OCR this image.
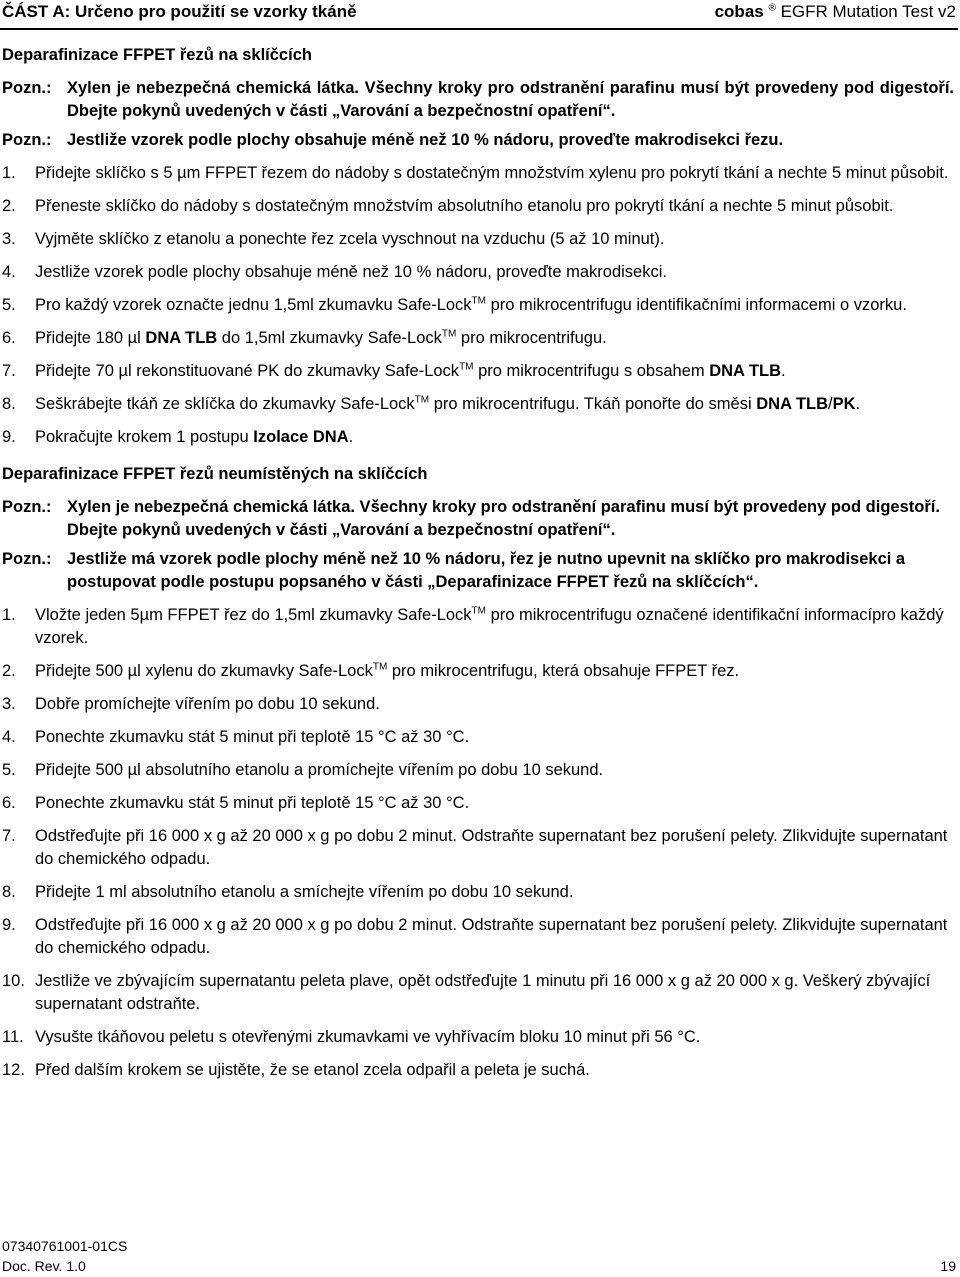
ČÁST A: Určeno pro použití se vzorky tkáně	cobas ® EGFR Mutation Test v2
Deparafinizace FFPET řezů na sklíčcích
Pozn.: Xylen je nebezpečná chemická látka. Všechny kroky pro odstranění parafinu musí být provedeny pod digestoří. Dbejte pokynů uvedených v části „Varování a bezpečnostní opatření“.
Pozn.: Jestliže vzorek podle plochy obsahuje méně než 10 % nádoru, proveďte makrodisekci řezu.
1. Přidejte sklíčko s 5 µm FFPET řezem do nádoby s dostatečným množstvím xylenu pro pokrytí tkání a nechte 5 minut působit.
2. Přeneste sklíčko do nádoby s dostatečným množstvím absolutního etanolu pro pokrytí tkání a nechte 5 minut působit.
3. Vyjměte sklíčko z etanolu a ponechte řez zcela vyschnout na vzduchu (5 až 10 minut).
4. Jestliže vzorek podle plochy obsahuje méně než 10 % nádoru, proveďte makrodisekci.
5. Pro každý vzorek označte jednu 1,5ml zkumavku Safe-Lock™ pro mikrocentrifugu identifikačními informacemi o vzorku.
6. Přidejte 180 µl DNA TLB do 1,5ml zkumavky Safe-Lock™ pro mikrocentrifugu.
7. Přidejte 70 µl rekonstituované PK do zkumavky Safe-Lock™ pro mikrocentrifugu s obsahem DNA TLB.
8. Seškrábejte tkáň ze sklíčka do zkumavky Safe-Lock™ pro mikrocentrifugu. Tkáň ponořte do směsi DNA TLB/PK.
9. Pokračujte krokem 1 postupu Izolace DNA.
Deparafinizace FFPET řezů neumístěných na sklíčcích
Pozn.: Xylen je nebezpečná chemická látka. Všechny kroky pro odstranění parafinu musí být provedeny pod digestoří. Dbejte pokynů uvedených v části „Varování a bezpečnostní opatření“.
Pozn.: Jestliže má vzorek podle plochy méně než 10 % nádoru, řez je nutno upevnit na sklíčko pro makrodisekci a postupovat podle postupu popsaného v části „Deparafinizace FFPET řezů na sklíčcích“.
1. Vložte jeden 5µm FFPET řez do 1,5ml zkumavky Safe-Lock™ pro mikrocentrifugu označené identifikační informacípro každý vzorek.
2. Přidejte 500 µl xylenu do zkumavky Safe-Lock™ pro mikrocentrifugu, která obsahuje FFPET řez.
3. Dobře promíchejte vířením po dobu 10 sekund.
4. Ponechte zkumavku stát 5 minut při teplotě 15 °C až 30 °C.
5. Přidejte 500 µl absolutního etanolu a promíchejte vířením po dobu 10 sekund.
6. Ponechte zkumavku stát 5 minut při teplotě 15 °C až 30 °C.
7. Odstřeďujte při 16 000 x g až 20 000 x g po dobu 2 minut. Odstraňte supernatant bez porušení pelety. Zlikvidujte supernatant do chemického odpadu.
8. Přidejte 1 ml absolutního etanolu a smíchejte vířením po dobu 10 sekund.
9. Odstřeďujte při 16 000 x g až 20 000 x g po dobu 2 minut. Odstraňte supernatant bez porušení pelety. Zlikvidujte supernatant do chemického odpadu.
10. Jestliže ve zbývajícím supernatantu peleta plave, opět odstřeďujte 1 minutu při 16 000 x g až 20 000 x g. Veškerý zbývající supernatant odstraňte.
11. Vysušte tkáňovou peletu s otevřenými zkumavkami ve vyhřívacím bloku 10 minut při 56 °C.
12. Před dalším krokem se ujistěte, že se etanol zcela odpařil a peleta je suchá.
07340761001-01CS
Doc. Rev. 1.0	19
